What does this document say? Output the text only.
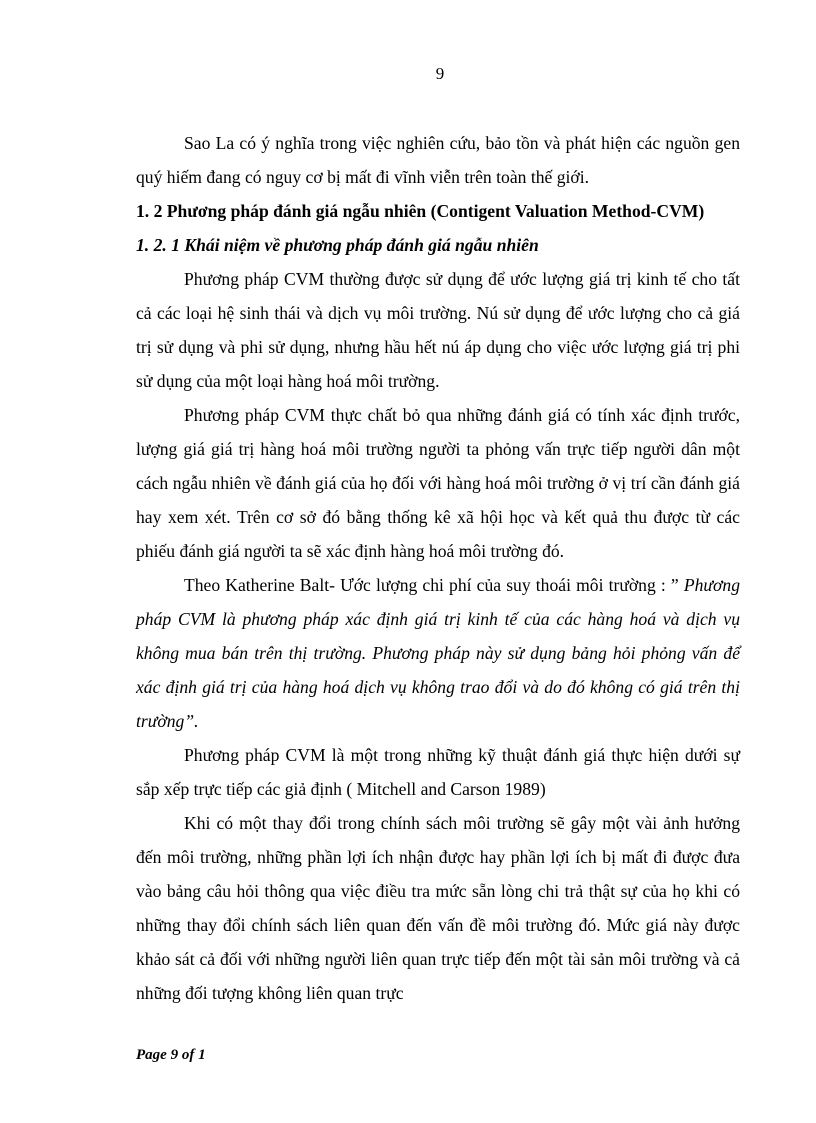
9

Sao La có ý nghĩa trong việc nghiên cứu, bảo tồn và phát hiện các nguồn gen quý hiếm đang có nguy cơ bị mất đi vĩnh viễn trên toàn thế giới.

1. 2 Phương pháp đánh giá ngẫu nhiên (Contigent Valuation Method-CVM)

1. 2. 1 Khái niệm về phương pháp đánh giá ngẫu nhiên

Phương pháp CVM thường được sử dụng để ước lượng giá trị kinh tế cho tất cả các loại hệ sinh thái và dịch vụ môi trường. Nú sử dụng để ước lượng cho cả giá trị sử dụng và phi sử dụng, nhưng hầu hết nú áp dụng cho việc ước lượng giá trị phi sử dụng của một loại hàng hoá môi trường.

Phương pháp CVM thực chất bỏ qua những đánh giá có tính xác định trước, lượng giá giá trị hàng hoá môi trường người ta phỏng vấn trực tiếp người dân một cách ngẫu nhiên về đánh giá của họ đối với hàng hoá môi trường ở vị trí cần đánh giá hay xem xét. Trên cơ sở đó bằng thống kê xã hội học và kết quả thu được từ các phiếu đánh giá người ta sẽ xác định hàng hoá môi trường đó.

Theo Katherine Balt- Ước lượng chi phí của suy thoái môi trường : ” Phương pháp CVM là phương pháp xác định giá trị kinh tế của các hàng hoá và dịch vụ không mua bán trên thị trường. Phương pháp này sử dụng bảng hỏi phỏng vấn để xác định giá trị của hàng hoá dịch vụ không trao đổi và do đó không có giá trên thị trường”.

Phương pháp CVM là một trong những kỹ thuật đánh giá thực hiện dưới sự sắp xếp trực tiếp các giả định ( Mitchell and Carson 1989)

Khi có một thay đổi trong chính sách môi trường sẽ gây một vài ảnh hưởng đến môi trường, những phần lợi ích nhận được hay phần lợi ích bị mất đi được đưa vào bảng câu hỏi thông qua việc điều tra mức sẵn lòng chi trả thật sự của họ khi có những thay đổi chính sách liên quan đến vấn đề môi trường đó. Mức giá này được khảo sát cả đối với những người liên quan trực tiếp đến một tài sản môi trường và cả những đối tượng không liên quan trực

Page 9 of 1
